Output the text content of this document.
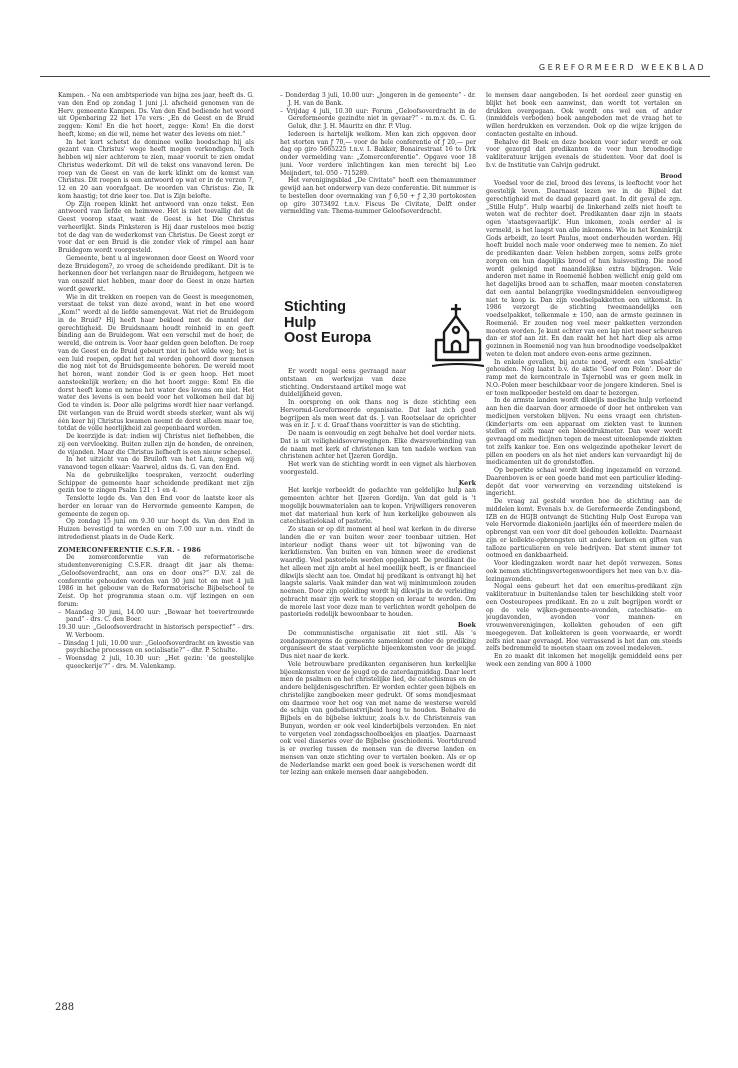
GEREFORMEERD WEEKBLAD

Kampen. - Na een ambtsperiode van bijna zes jaar, heeft ds. G. van den End op zondag 1 juni j.l. afscheid genomen van de Herv. gemeente Kampen. Ds. Van den End bediende het woord uit Openbaring 22 het 17e vers: „En de Geest en de Bruid zeggen: Kom! En die het hoort, zegge: Kom! En die dorst heeft, kome; en die wil, neme het water des levens om niet.”

In het kort schetst de dominee welke boodschap hij als gezant van Christus' wege heeft mogen verkondigen. Toch hebben wij nier achterom te zien, maar vooruit te zien omdat Christus wederkomt. Dit wil de tekst ons vanavond leren. De roep van de Geest en van de kerk klinkt om de komst van Christus. Dit roepen is een antwoord op wat er in de verzen 7, 12 en 20 aan voorafgaat. De woorden van Christus: Zie, Ik kom haastig; tot drie keer toe. Dat is Zijn belofte.

Op Zijn roepen klinkt het antwoord van onze tekst. Een antwoord van liefde en heimwee. Het is niet toevallig dat de Geest voorop staat, want de Geest is het Die Christus verheerlijkt. Sinds Pinksteren is Hij daar rusteloos mee bezig tot de dag van de wederkomst van Christus. De Geest zorgt er voor dat er een Bruid is die zonder vlek of rimpel aan haar Bruidegom wordt voorgesteld.

Gemeente, bent u al ingewonnen door Geest en Woord voor deze Bruidegom?, zo vroeg de scheidende predikant. Dit is te herkennen door het verlangen naar de Bruidegom, hetgeen we van onszelf niet hebben, maar door de Geest in onze harten wordt gewerkt.

Wie in dit trekken en roepen van de Geest is meegenomen, verstaat de tekst van deze avond, want in het ene woord „Kom!” wordt al de liefde samengevat. Wat riet de Bruidegom in de Bruid? Hij heeft haar bekleed met de mantel der gerechtigheid. De Bruidsnaam houdt reinheid in en geeft binding aan de Bruidegom. Wat een verschil met de hoer, de wereld, die ontrein is. Voor haar gelden geen beloften. De roep van de Geest en de Bruid gebeurt niet in het wilde weg; het is een luid roepen, opdat het zal worden gehoord door mensen die nog niet tot de Bruidsgemeente behoren. De wereld moet het horen, want zonder God is er geen hoop. Het moet aansteekelijk werken; en die het hoort zegge: Kom! En die dorst heeft kome en neme het water des levens om niet. Het water des levens is een beeld voor het volkomen heil dat bij God te vinden is. Door alle pelgrims wordt hier naar verlangd. Dit verlangen van de Bruid wordt steeds sterker, want als wij één keer bij Christus kwamen neemt de dorst alleen maar toe, totdat de volle heerlijkheid zal geopenbaard worden.

De keerzijde is dat: indien wij Christus niet liefhebben, die zij een vervloeking. Buiten zullen zijn de honden, de onreinen, de vijanden. Maar die Christus liefheeft is een nieuw schepsel.

In het uitzicht van de Bruiloft van het Lam, zeggen wij vanavond tegen elkaar: Vaarwel, aldus ds. G. van den End.

Na de gebruikelijke toespraken, verzocht ouderling Schipper de gemeente haar scheidende predikant met zijn gezin toe te zingen Psalm 121 : 1 en 4.

Tenslotte legde ds. Van den End voor de laatste keer als herder en leraar van de Hervormde gemeente Kampen, de gemeente de zegen op.

Op zondag 15 juni om 9.30 uur hoopt ds. Van den End in Huizen bevestigd te worden en om 7.00 uur n.m. vindt de intrededienst plaats in de Oude Kerk.

ZOMERCONFERENTIE C.S.F.R. - 1986

De zomerconferentie van de reformatorische studentenvereniging C.S.F.R. draagt dit jaar als thema: „Geloofsoverdracht, aan ons en door ons?” D.V. zal de conferentie gehouden worden van 30 juni tot en met 4 juli 1986 in het gebouw van de Reformatorische Bijbelschool te Zeist. Op het programma staan o.m. vijf lezingen en een forum:

– Maandag 30 juni, 14.00 uur: „Bewaar het toevertrouwde pand” - drs. C. den Boer.
19.30 uur: „Geloofsoverdracht in historisch perspectief” - drs. W. Verboom.
– Dinsdag 1 juli, 10.00 uur: „Geloofsoverdracht en kwestie van psychische processen en socialisatie?” - dhr. P. Schulte.
– Woensdag 2 juli, 10.30 uur: „Het gezin: 'de geestelijke queeckerije'?” - drs. M. Valenkamp.
– Donderdag 3 juli, 10.00 uur: „Jongeren in de gemeente” - dr. J. H. van de Bank.
– Vrijdag 4 juli, 10.30 uur: Forum „Geloofsoverdracht in de Gereformeerde gezindte niet in gevaar?” - m.m.v. ds. C. G. Geluk, dhr. J. H. Mauritz en dhr. P. Vlug.

Iedereen is hartelijk welkom. Men kan zich opgeven door het storten van ƒ 70,— voor de hele conferentie of ƒ 20,— per dag op giro 5665225 t.n.v. I. Bakker, Bonairestraat 16 te Urk onder vermelding van: „Zomerconferentie”. Opgave voor 18 juni. Voor verdere inlichtingen kan men terecht bij Leo Meijndert, tel. 050 - 715289.

Het verenigingsblad „De Civitate” heeft een themanummer gewijd aan het onderwerp van deze conferentie. Dit nummer is te bestellen door overmaking van ƒ 6,50 + ƒ 2,30 portokosten op giro 3073492 t.n.v. Fiscus De Civitate, Delft onder vermelding van: Thema-nummer Geloofsoverdracht.

Stichting
Hulp
Oost Europa

Er wordt nogal eens gevraagd naar ontstaan en werkwijze van deze stichting. Onderstaand artikel moge wat duidelijkheid geven.

In oorsprong en ook thans nog is deze stichting een Hervormd-Gereformeerde organisatie. Dat laat zich goed begrijpen als men weet dat ds. J. van Rootselaar de oprichter was en ir. J. v. d. Graaf thans voorzitter is van de stichting.

De naam is eenvoudig en zegt behalve het doel verder niets. Dat is uit veiligheidsoverwegingen. Elke dwarsverbinding van de naam met kerk of christenen kan ten nadele werken van christenen achter het IJzeren Gordijn.

Het werk van de stichting wordt in een vignet als hierboven voorgesteld.

Kerk

Het kerkje verbeeldt de gedachte van geldelijke hulp aan gemeenten achter het IJzeren Gordijn. Van dat geld is 't mogelijk bouwmaterialen aan te kopen. Vrijwilligers renoveren met dat materiaal hun kerk of hun kerkelijke gebouwen als catechisatielokaal of pastorie.

Zo staan er op dit moment al heel wat kerken in de diverse landen die er van buiten weer zeer toonbaar uitzien. Het interieur nodigt thans weer uit tot bijwoning van de kerkdiensten. Van buiten en van binnen weer de eredienst waardig. Veel pastorieën werden opgeknapt. De predikant die het alleen met zijn ambt al heel moeilijk heeft, is er financieel dikwijls slecht aan toe. Omdat hij predikant is ontvangt hij het laagste salaris. Vaak minder dan wat wij minimumloon zouden noemen. Door zijn opleiding wordt hij dikwijls in de verleiding gebracht maar zijn werk te stoppen en leraar te worden. Om de morele last voor deze man te verlichten wordt geholpen de pastorieën redelijk bewoonbaar te houden.

Boek

De communistische organisatie zit niet stil. Als 's zondagsmorgens de gemeente samenkomt onder de prediking organiseert de staat verplichte bijeenkomsten voor de jeugd. Dus niet naar de kerk.

Vele betrouwbare predikanten organiseren hun kerkelijke bijeenkomsten voor de jeugd op de zaterdagmiddag. Daar leert men de psalmen en het christelijke lied, de catechismus en de andere belijdenisgeschriften. Er worden echter geen bijbels en christelijke zangboeken meer gedrukt. Of soms mondjesmaat om daarmee voor het oog van met name de westerse wereld de schijn van godsdienstvrijheid hoog te houden. Behalve de Bijbels en de bijbelse lektuur, zoals b.v. de Christenreis van Bunyan, worden er ook veel kinderbijbels verzonden. En niet te vergeten veel zondagsschoolboekjes en plaatjes. Daarnaast ook veel diaseries over de Bijbelse geschiedenis. Voortdurend is er overleg tussen de mensen van de diverse landen en mensen van onze stichting over te vertalen boeken. Als er op de Nederlandse markt een goed boek is verschenen wordt dit ter lezing aan enkele mensen daar aangeboden.

le mensen daar aangeboden. Is het oordeel zeer gunstig en blijkt het boek een aanwinst, dan wordt tot vertalen en drukken overgegaan. Ook wordt ons wel een of ander (inmiddels verboden) boek aangeboden met de vraag het te willen herdrukken en verzenden. Ook op die wijze krijgen de contacten gestalte en inhoud.

Behalve dit Boek en deze boeken voor ieder wordt er ook voor gezorgd dat predikanten de voor hun broodnodige vakliteratuur krijgen evenals de studenten. Voor dat doel is b.v. de Institutie van Calvijn gedrukt.

Brood

Voedsel voor de ziel, brood des levens, is leeftocht voor het geestelijk leven. Daarnaast lezen we in de Bijbel dat gerechtigheid met de daad gepaard gaat. In dit geval de zgn. „Stille Hulp”. Hulp waarbij de linkerhand zelfs niet hoeft te weten wat de rechter doet. Predikanten daar zijn in staats ogen 'staatsgevaarlijk'. Hun inkomen, zoals eerder al is vermeld, is het laagst van alle inkomens. Wie in het Koninkrijk Gods arbeidt, zo leert Paulus, moet onderhouden worden. Hij hoeft buidel noch male voor onderweg mee te nemen. Zo niet de predikanten daar. Velen hebben zorgen, soms zelfs grote zorgen om hun dagelijks brood of hun huisvesting. Die nood wordt gelenigd met maandelijkse extra bijdragen. Vele anderen met name in Roemenië hebben wellicht enig geld om het dagelijks brood aan te schaffen, maar moeten constateren dat een aantal belangrijke voedingsmiddelen eenvoudigweg niet te koop is. Dan zijn voedselpakketten een uitkomst. In 1986 verzorgt de stichting tweemaandelijks een voedselpakket, telkenmale ± 150, aan de armste gezinnen in Roemenië. Er zouden nog veel meer pakketten verzonden moeten worden. Je kunt echter van een lap niet meer scheuren dan er stof aan zit. En dan raakt het het hart diep als arme gezinnen in Roemenië nog van hun broodnodige voedselpakket weten te delen met andere even-eens arme gezinnen.

In enkele gevallen, bij acute nood, wordt een 'snel-aktie' gehouden. Nog laatst b.v. de aktie 'Geef om Polen'. Door de ramp met de kerncentrale in Tsjernobil was er geen melk in N.O.-Polen meer beschikbaar voor de jongere kinderen. Snel is er toen melkpoeder besteld om daar te bezorgen.

In de armste landen wordt dikwijls medische hulp verleend aan hen die daarvan door armoede of door het ontbreken van medicijnen verstoken blijven. Nu eens vraagt een christen-(kinder)arts om een apparaat om ziekten vast te kunnen stellen of zelfs maar een bloeddrukmeter. Dan weer wordt gevraagd om medicijnen tegen de meest uiteenlopende ziekten tot zelfs kanker toe. Een ons welgezinde apotheker levert de pillen en poeders en als het niet anders kan vervaardigt hij de medicamenten uit de grondstoffen.

Op beperkte schaal wordt kleding ingezameld en verzond. Daarenboven is er een goede band met een particulier kleding-depôt dat voor verwerving en verzending uitstekend is ingericht.

De vraag zal gesteld worden hoe de stichting aan de middelen komt. Evenals b.v. de Gereformeerde Zendingsbond, IZB en de HGJB ontvangt de Stichting Hulp Oost Europa van vele Hervormde diakonieën jaarlijks één of meerdere malen de opbrengst van een voor dit doel gehouden kollekte. Daarnaast zijn er kollekte-opbrengsten uit andere kerken en giften van talloze particulieren en vele bedrijven. Dat stemt immer tot ootmoed en dankbaarheid.

Voor kledingzaken wordt naar het depôt verwezen. Soms ook nemen stichtingsvertegenwoordigers het mee van b.v. dia-lezingavonden.

Nogal eens gebeurt het dat een emeritus-predikant zijn vakliteratuur in buitenlandse talen ter beschikking stelt voor een Oosteuropees predikant. En zo u zult begrijpen wordt er op de vele wijken-gemeente-avonden, catechisatie- en jeugdavonden, avonden voor mannen- en vrouwenverenigingen, kollekten gehouden of een gift meegegeven. Dat kollekteren is geen voorwaarde, er wordt zelfs niet naar gevraagd. Hoe verrassend is het dan om steeds zelfs bedremmeld te moeten staan om zoveel medeleven.

En zo maakt dit inkomen het mogelijk gemiddeld eens per week een zending van 800 à 1000

288
